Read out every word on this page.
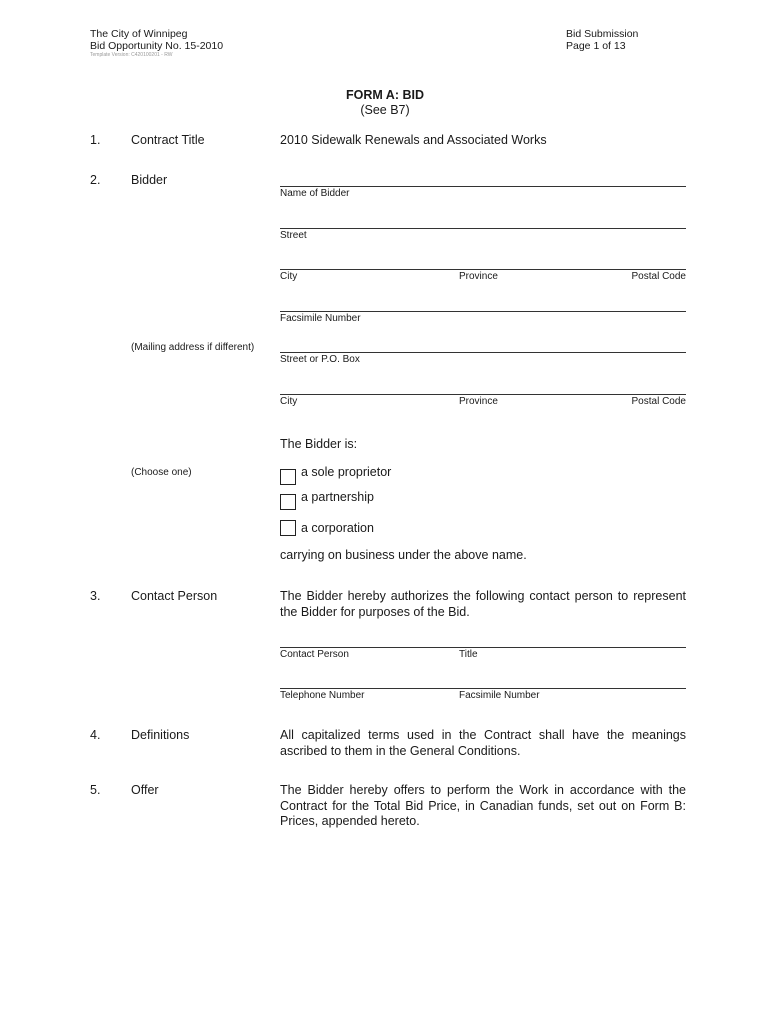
The City of Winnipeg
Bid Opportunity No. 15-2010
Template Version: C420100201 - RW
Bid Submission
Page 1 of 13
FORM A: BID
(See B7)
1. Contract Title	2010 Sidewalk Renewals and Associated Works
2. Bidder
Name of Bidder
Street
City	Province	Postal Code
Facsimile Number
(Mailing address if different)
Street or P.O. Box
City	Province	Postal Code
The Bidder is:
(Choose one)	a sole proprietor
a partnership
a corporation
carrying on business under the above name.
3. Contact Person	The Bidder hereby authorizes the following contact person to represent
the Bidder for purposes of the Bid.
Contact Person	Title
Telephone Number	Facsimile Number
4. Definitions	All capitalized terms used in the Contract shall have the meanings
ascribed to them in the General Conditions.
5. Offer	The Bidder hereby offers to perform the Work in accordance with the Contract for the Total Bid Price, in Canadian funds, set out on Form B:
Prices, appended hereto.
